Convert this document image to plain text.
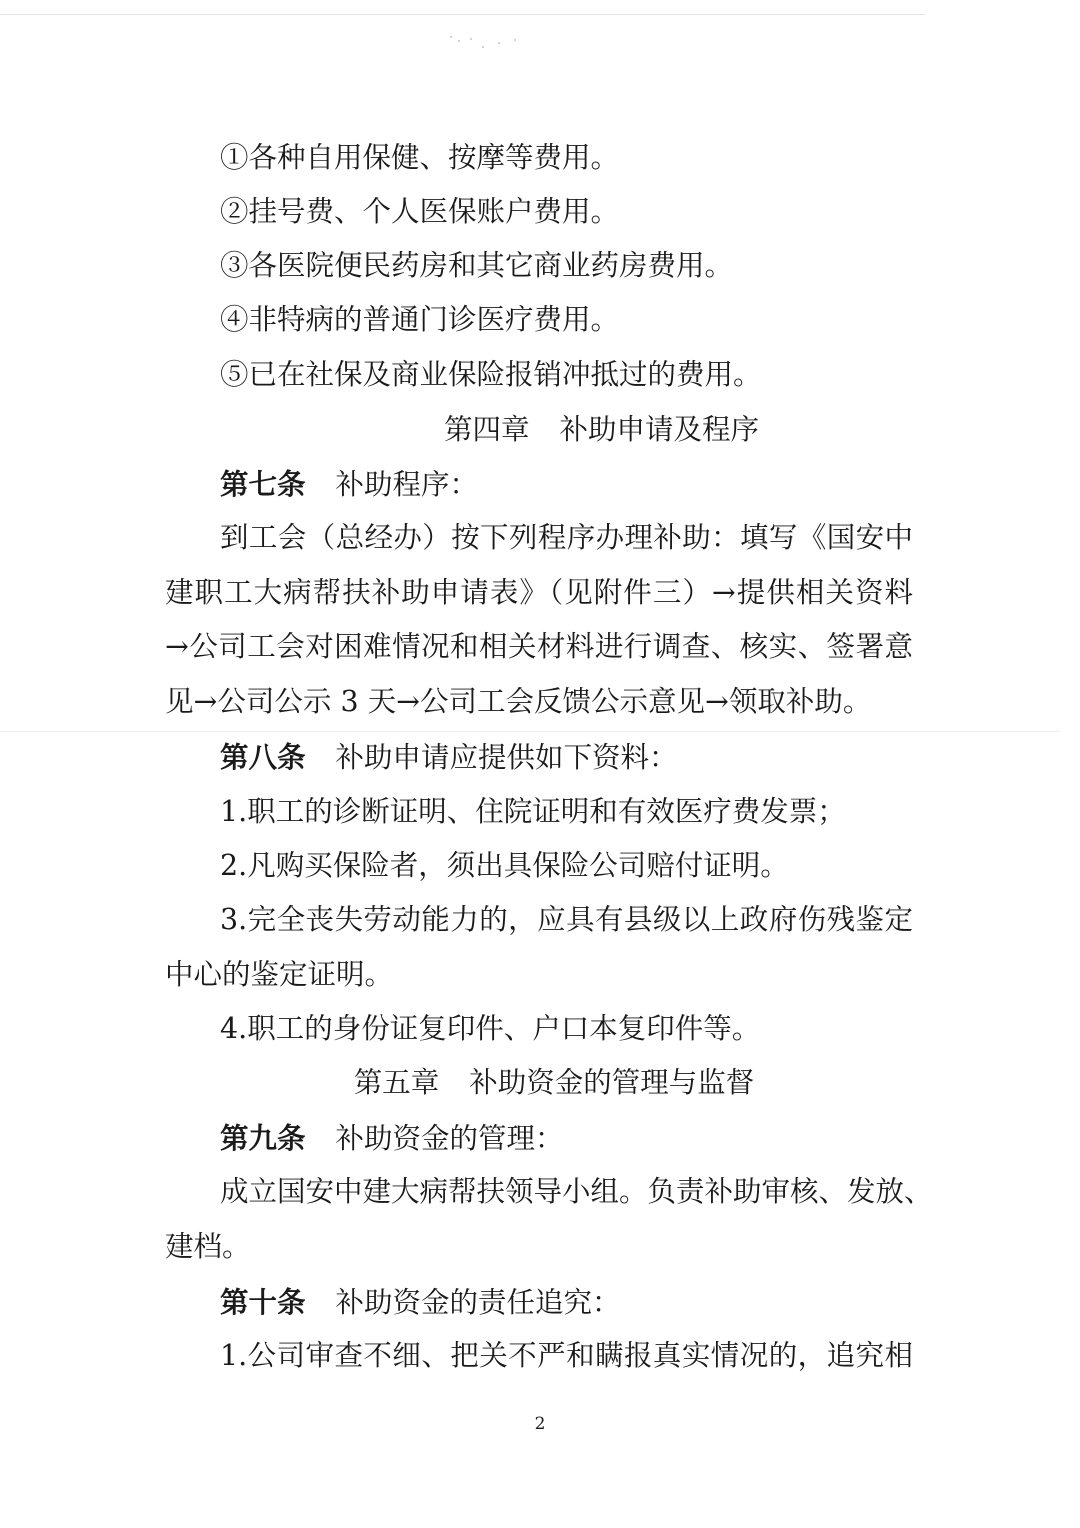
①各种自用保健、按摩等费用。
②挂号费、个人医保账户费用。
③各医院便民药房和其它商业药房费用。
④非特病的普通门诊医疗费用。
⑤已在社保及商业保险报销冲抵过的费用。
第四章 补助申请及程序
第七条 补助程序：
到工会（总经办）按下列程序办理补助：填写《国安中
建职工大病帮扶补助申请表》（见附件三）→提供相关资料
→公司工会对困难情况和相关材料进行调查、核实、签署意
见→公司公示 3 天→公司工会反馈公示意见→领取补助。
第八条 补助申请应提供如下资料：
1.职工的诊断证明、住院证明和有效医疗费发票；
2.凡购买保险者，须出具保险公司赔付证明。
3.完全丧失劳动能力的，应具有县级以上政府伤残鉴定
中心的鉴定证明。
4.职工的身份证复印件、户口本复印件等。
第五章 补助资金的管理与监督
第九条 补助资金的管理：
成立国安中建大病帮扶领导小组。负责补助审核、发放、
建档。
第十条 补助资金的责任追究：
1.公司审查不细、把关不严和瞒报真实情况的，追究相
2
